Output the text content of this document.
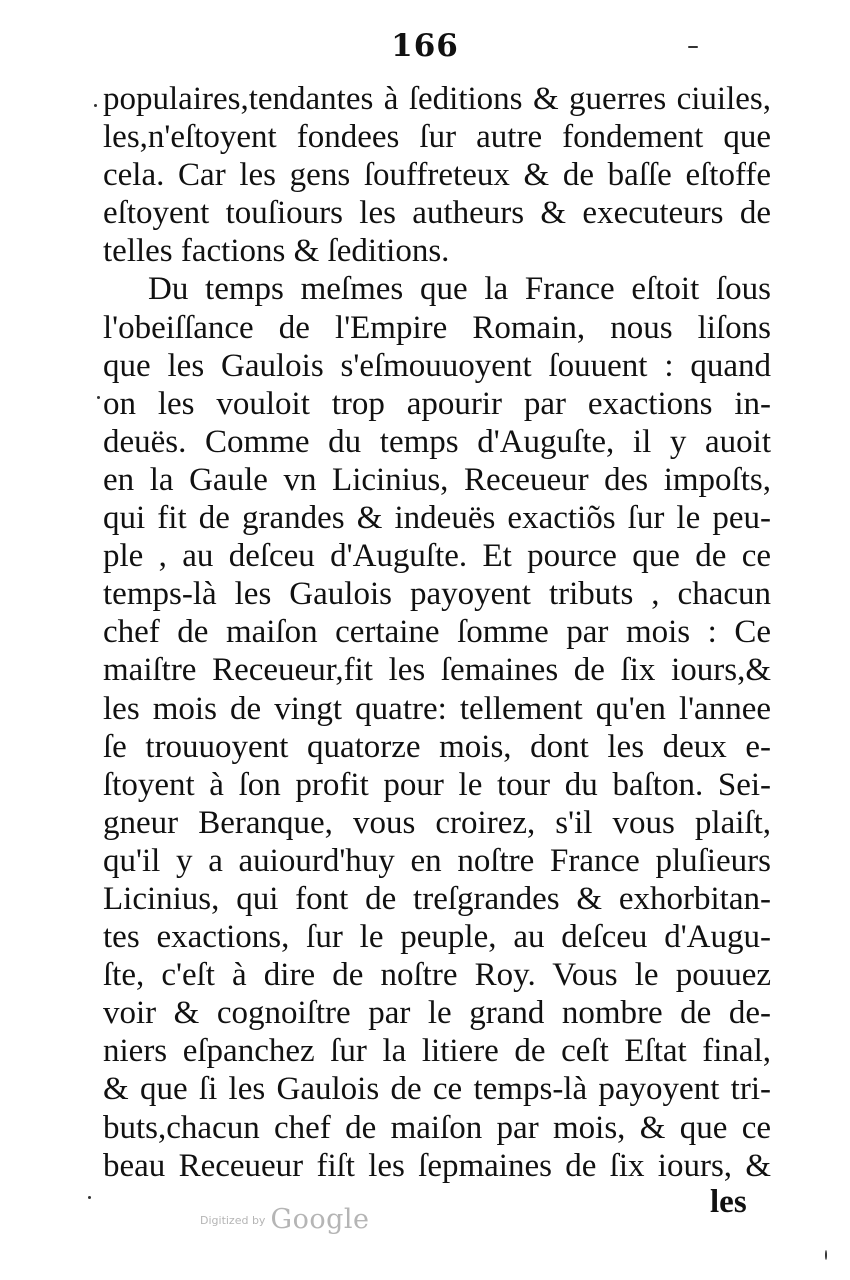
166
populaires,tendantes à ſeditions & guerres ciuiles,
les,n'eſtoyent fondees ſur autre fondement que
cela. Car les gens ſouffreteux & de baſſe eſtoffe
eſtoyent touſiours les autheurs & executeurs de
telles factions & ſeditions.
Du temps meſmes que la France eſtoit ſous
l'obeiſſance de l'Empire Romain, nous liſons
que les Gaulois s'eſmouuoyent ſouuent : quand
on les vouloit trop apourir par exactions in-
deuës. Comme du temps d'Auguſte, il y auoit
en la Gaule vn Licinius, Receueur des impoſts,
qui fit de grandes & indeuës exactiõs ſur le peu-
ple , au deſceu d'Auguſte. Et pource que de ce
temps-là les Gaulois payoyent tributs , chacun
chef de maiſon certaine ſomme par mois : Ce
maiſtre Receueur,fit les ſemaines de ſix iours,&
les mois de vingt quatre: tellement qu'en l'annee
ſe trouuoyent quatorze mois, dont les deux e-
ſtoyent à ſon profit pour le tour du baſton. Sei-
gneur Beranque, vous croirez, s'il vous plaiſt,
qu'il y a auiourd'huy en noſtre France pluſieurs
Licinius, qui font de treſgrandes & exhorbitan-
tes exactions, ſur le peuple, au deſceu d'Augu-
ſte, c'eſt à dire de noſtre Roy. Vous le pouuez
voir & cognoiſtre par le grand nombre de de-
niers eſpanchez ſur la litiere de ceſt Eſtat final,
& que ſi les Gaulois de ce temps-là payoyent tri-
buts,chacun chef de maiſon par mois, & que ce
beau Receueur fiſt les ſepmaines de ſix iours, &
les
$^{Digitized by}$ Google
